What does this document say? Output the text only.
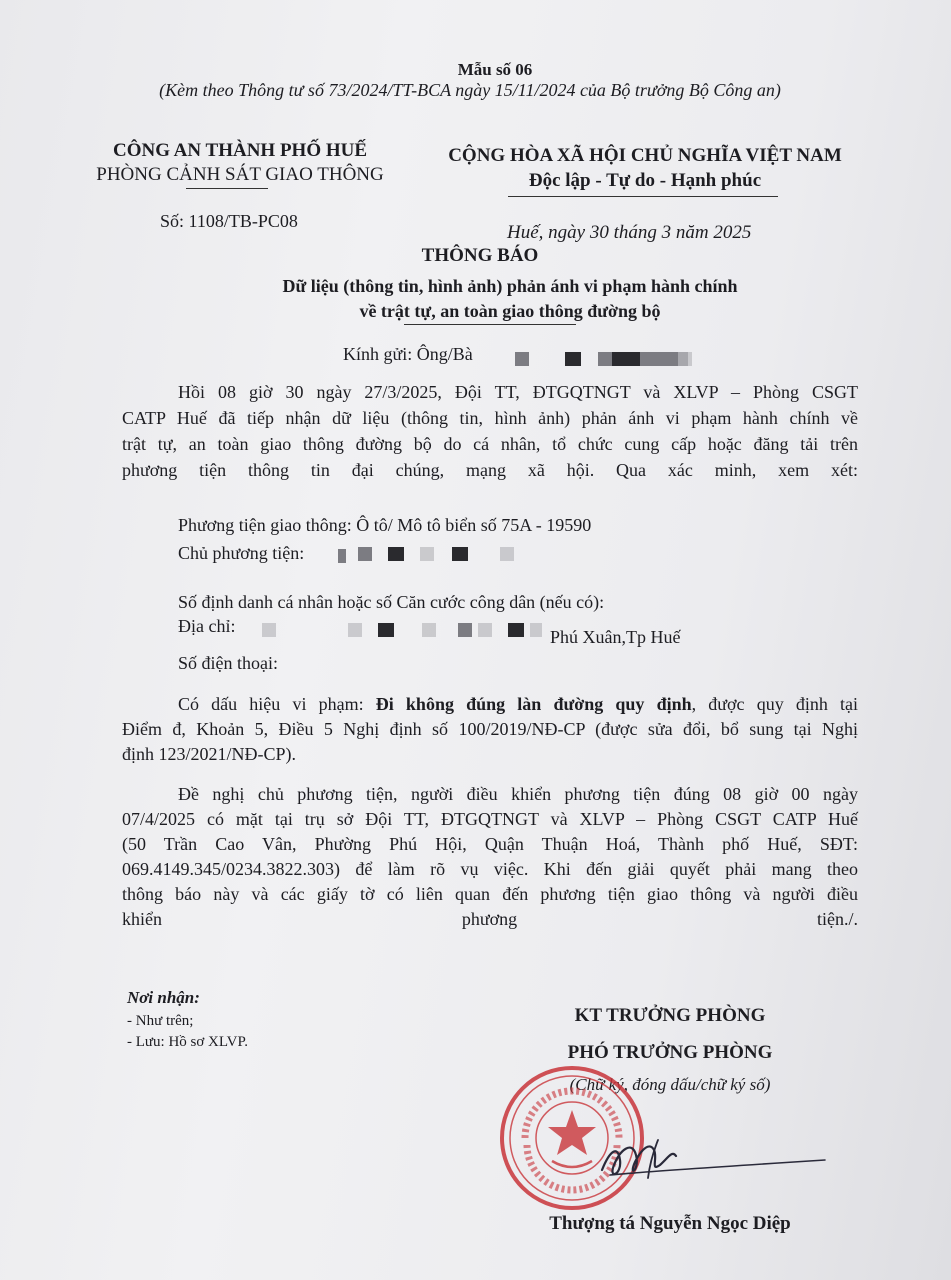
Mẫu số 06
(Kèm theo Thông tư số 73/2024/TT-BCA ngày 15/11/2024 của Bộ trưởng Bộ Công an)
CÔNG AN THÀNH PHỐ HUẾ
PHÒNG CẢNH SÁT GIAO THÔNG
Số: 1108/TB-PC08
CỘNG HÒA XÃ HỘI CHỦ NGHĨA VIỆT NAM
Độc lập - Tự do - Hạnh phúc
Huế, ngày 30 tháng 3 năm 2025
THÔNG BÁO
Dữ liệu (thông tin, hình ảnh) phản ánh vi phạm hành chính
về trật tự, an toàn giao thông đường bộ
Kính gửi: Ông/Bà
Hồi 08 giờ 30 ngày 27/3/2025, Đội TT, ĐTGQTNGT và XLVP – Phòng CSGT
CATP Huế đã tiếp nhận dữ liệu (thông tin, hình ảnh) phản ánh vi phạm hành chính về
trật tự, an toàn giao thông đường bộ do cá nhân, tổ chức cung cấp hoặc đăng tải trên
phương tiện thông tin đại chúng, mạng xã hội. Qua xác minh, xem xét:
Phương tiện giao thông: Ô tô/ Mô tô biển số 75A - 19590
Chủ phương tiện:
Số định danh cá nhân hoặc số Căn cước công dân (nếu có):
Địa chỉ:
Phú Xuân,Tp Huế
Số điện thoại:
Có dấu hiệu vi phạm: Đi không đúng làn đường quy định, được quy định tại
Điểm đ, Khoản 5, Điều 5 Nghị định số 100/2019/NĐ-CP (được sửa đổi, bổ sung tại Nghị
định 123/2021/NĐ-CP).
Đề nghị chủ phương tiện, người điều khiển phương tiện đúng 08 giờ 00 ngày
07/4/2025 có mặt tại trụ sở Đội TT, ĐTGQTNGT và XLVP – Phòng CSGT CATP Huế
(50 Trần Cao Vân, Phường Phú Hội, Quận Thuận Hoá, Thành phố Huế, SĐT:
069.4149.345/0234.3822.303) để làm rõ vụ việc. Khi đến giải quyết phải mang theo
thông báo này và các giấy tờ có liên quan đến phương tiện giao thông và người điều
khiển phương tiện./.
Nơi nhận:
- Như trên;
- Lưu: Hồ sơ XLVP.
KT TRƯỞNG PHÒNG
PHÓ TRƯỞNG PHÒNG
(Chữ ký, đóng dấu/chữ ký số)
Thượng tá Nguyễn Ngọc Diệp
